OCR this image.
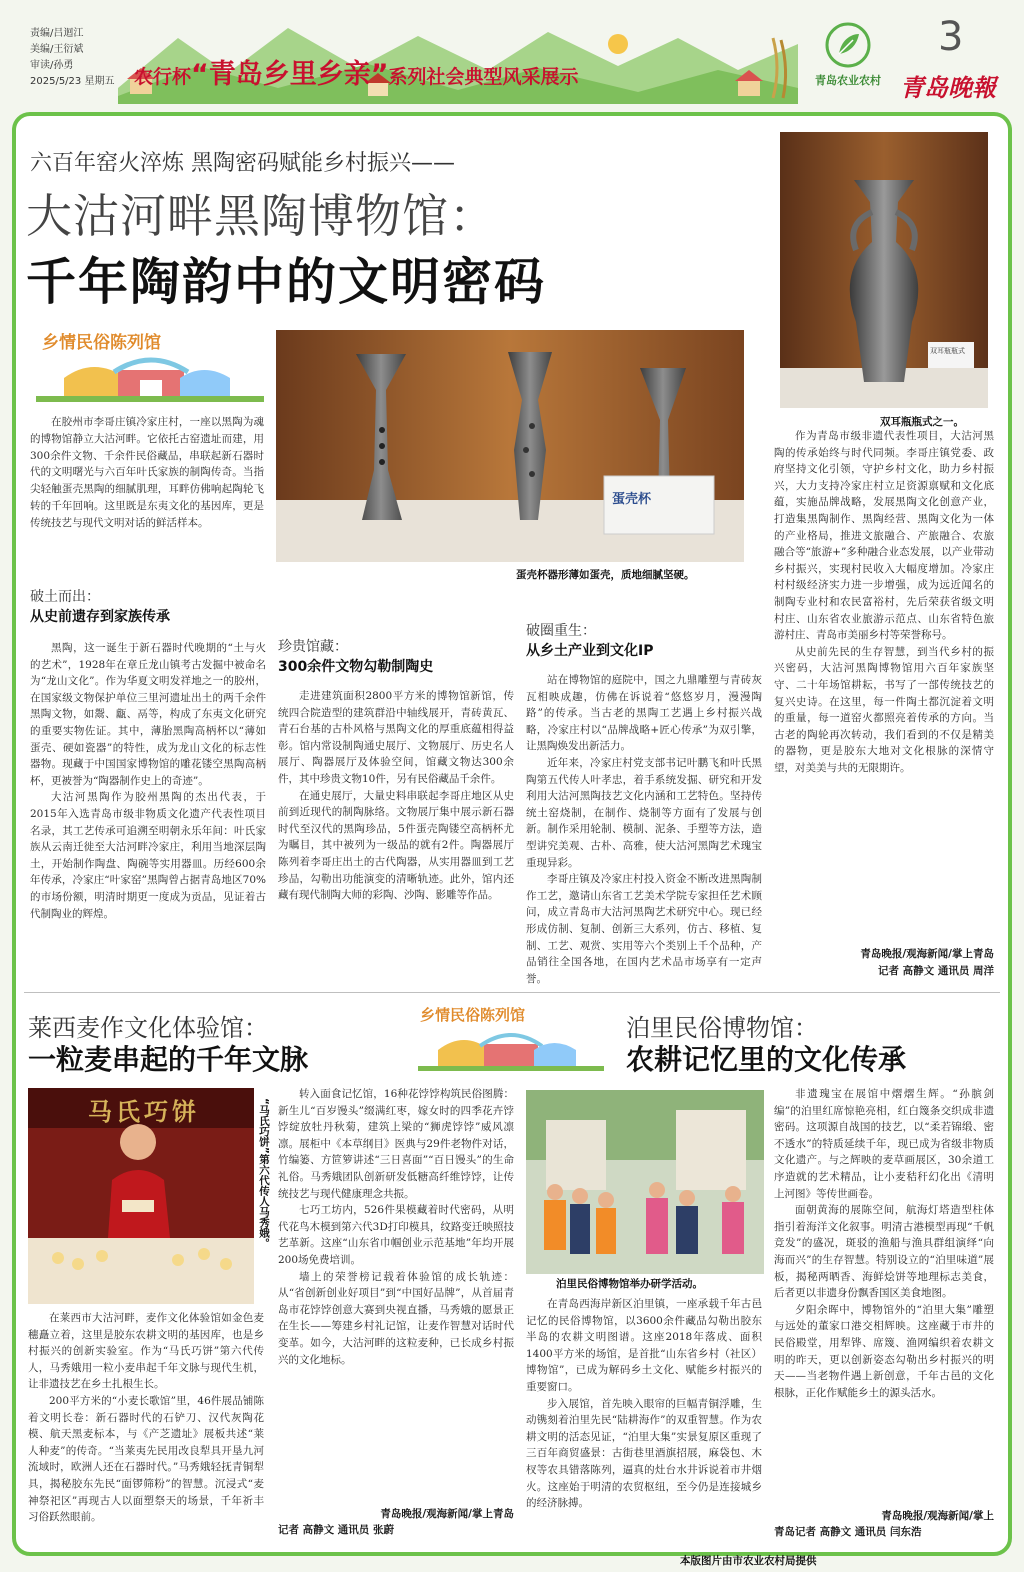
责编/吕迴江
美编/王衍斌
审读/孙勇
2025/5/23 星期五 农行杯“青岛乡里乡亲”系列社会典型风采展示	青岛农业农村
3
青岛晚報
六百年窑火淬炼 黑陶密码赋能乡村振兴——
大沽河畔黑陶博物馆：
千年陶韵中的文明密码
乡情民俗陈列馆
在胶州市李哥庄镇冷家庄村，一座以黑陶为魂的博物馆静立大沽河畔。它依托古窑遗址而建，用300余件文物、千余件民俗藏品，串联起新石器时代的文明曙光与六百年叶氏家族的制陶传奇。当指尖轻触蛋壳黑陶的细腻肌理，耳畔仿佛响起陶轮飞转的千年回响。这里既是东夷文化的基因库，更是传统技艺与现代文明对话的鲜活样本。
蛋壳杯
蛋壳杯器形薄如蛋壳，质地细腻坚硬。
双耳瓶瓶式
双耳瓶瓶式之一。
破土而出：
从史前遗存到家族传承

黑陶，这一诞生于新石器时代晚期的“土与火的艺术”，1928年在章丘龙山镇考古发掘中被命名为“龙山文化”。作为华夏文明发祥地之一的胶州，在国家级文物保护单位三里河遗址出土的两千余件黑陶文物，如鬶、甗、鬲等，构成了东夷文化研究的重要实物佐证。其中，薄胎黑陶高柄杯以“薄如蛋壳、硬如瓷器”的特性，成为龙山文化的标志性器物。现藏于中国国家博物馆的雕花镂空黑陶高柄杯，更被誉为“陶器制作史上的奇迹”。

大沽河黑陶作为胶州黑陶的杰出代表，于2015年入选青岛市级非物质文化遗产代表性项目名录，其工艺传承可追溯至明朝永乐年间：叶氏家族从云南迁徙至大沽河畔冷家庄，利用当地深层陶土，开始制作陶盘、陶碗等实用器皿。历经600余年传承，冷家庄“叶家窑”黑陶曾占据青岛地区70%的市场份额，明清时期更一度成为贡品，见证着古代制陶业的辉煌。

珍贵馆藏：
300余件文物勾勒制陶史

走进建筑面积2800平方米的博物馆新馆，传统四合院造型的建筑群沿中轴线展开，青砖黄瓦、青石台基的古朴风格与黑陶文化的厚重底蕴相得益彰。馆内常设制陶通史展厅、文物展厅、历史名人展厅、陶器展厅及体验空间，馆藏文物达300余件，其中珍贵文物10件，另有民俗藏品千余件。

在通史展厅，大量史料串联起李哥庄地区从史前到近现代的制陶脉络。文物展厅集中展示新石器时代至汉代的黑陶珍品，5件蛋壳陶镂空高柄杯尤为瞩目，其中被列为一级品的就有2件。陶器展厅陈列着李哥庄出土的古代陶器，从实用器皿到工艺珍品，勾勒出功能演变的清晰轨迹。此外，馆内还藏有现代制陶大师的彩陶、沙陶、影雕等作品。

破圈重生：
从乡土产业到文化IP

站在博物馆的庭院中，国之九鼎雕塑与青砖灰瓦相映成趣，仿佛在诉说着“悠悠岁月，漫漫陶路”的传承。当古老的黑陶工艺遇上乡村振兴战略，冷家庄村以“品牌战略+匠心传承”为双引擎，让黑陶焕发出新活力。

近年来，冷家庄村党支部书记叶鹏飞和叶氏黑陶第五代传人叶孝忠，着手系统发掘、研究和开发利用大沽河黑陶技艺文化内涵和工艺特色。坚持传统土窑烧制，在制作、烧制等方面有了发展与创新。制作采用轮制、模制、泥条、手塑等方法，造型讲究美观、古朴、高雅，使大沽河黑陶艺术瑰宝重现异彩。

李哥庄镇及冷家庄村投入资金不断改进黑陶制作工艺，邀请山东省工艺美术学院专家担任艺术顾问，成立青岛市大沽河黑陶艺术研究中心。现已经形成仿制、复制、创新三大系列，仿古、移植、复制、工艺、观赏、实用等六个类别上千个品种，产品销往全国各地，在国内艺术品市场享有一定声誉。

作为青岛市级非遗代表性项目，大沽河黑陶的传承始终与时代同频。李哥庄镇党委、政府坚持文化引领，守护乡村文化，助力乡村振兴，大力支持冷家庄村立足资源禀赋和文化底蕴，实施品牌战略，发展黑陶文化创意产业，打造集黑陶制作、黑陶经营、黑陶文化为一体的产业格局，推进文旅融合、产旅融合、农旅融合等“旅游+”多种融合业态发展，以产业带动乡村振兴，实现村民收入大幅度增加。冷家庄村村级经济实力进一步增强，成为远近闻名的制陶专业村和农民富裕村，先后荣获省级文明村庄、山东省农业旅游示范点、山东省特色旅游村庄、青岛市美丽乡村等荣誉称号。

从史前先民的生存智慧，到当代乡村的振兴密码，大沽河黑陶博物馆用六百年家族坚守、二十年场馆耕耘，书写了一部传统技艺的复兴史诗。在这里，每一件陶土都沉淀着文明的重量，每一道窑火都照亮着传承的方向。当古老的陶轮再次转动，我们看到的不仅是精美的器物，更是胶东大地对文化根脉的深情守望，对美美与共的无限期许。

青岛晚报/观海新闻/掌上青岛
记者 高静文 通讯员 周洋
莱西麦作文化体验馆：
一粒麦串起的千年文脉
乡情民俗陈列馆
马氏巧饼	“马氏巧饼”第六代传人马秀娥。

在莱西市大沽河畔，麦作文化体验馆如金色麦穗矗立着，这里是胶东农耕文明的基因库，也是乡村振兴的创新实验室。作为“马氏巧饼”第六代传人，马秀娥用一粒小麦串起千年文脉与现代生机，让非遗技艺在乡土扎根生长。

200平方米的“小麦长歌馆”里，46件展品铺陈着文明长卷：新石器时代的石铲刀、汉代灰陶花模、航天黑麦标本，与《产芝遗址》展板共述“莱人种麦”的传奇。“当莱夷先民用改良犁具开垦九河流域时，欧洲人还在石器时代。”马秀娥轻抚青铜犁具，揭秘胶东先民“面锣筛粉”的智慧。沉浸式“麦神祭祀区”再现古人以面塑祭天的场景，千年祈丰习俗跃然眼前。

转入面食记忆馆，16种花饽饽构筑民俗图腾：新生儿“百岁馒头”缀满红枣，嫁女时的四季花卉饽饽绽放牡丹秋菊，建筑上梁的“狮虎饽饽”威风凛凛。展柜中《本草纲目》医典与29件老物件对话，竹编篓、方笸箩讲述“三日喜面”“百日馒头”的生命礼俗。马秀娥团队创新研发低糖高纤维饽饽，让传统技艺与现代健康理念共振。

七巧工坊内，526件果模藏着时代密码，从明代花鸟木模到第六代3D打印模具，纹路变迁映照技艺革新。这座“山东省巾帼创业示范基地”年均开展200场免费培训。

墙上的荣誉榜记载着体验馆的成长轨迹：从“省创新创业好项目”到“中国好品牌”，从首届青岛市花饽饽创意大赛到央视直播，马秀娥的愿景正在生长——筹建乡村礼记馆，让麦作智慧对话时代变革。如今，大沽河畔的这粒麦种，已长成乡村振兴的文化地标。

青岛晚报/观海新闻/掌上青岛
记者 高静文 通讯员 张蔚
泊里民俗博物馆：
农耕记忆里的文化传承
泊里民俗博物馆举办研学活动。

在青岛西海岸新区泊里镇，一座承载千年古邑记忆的民俗博物馆，以3600余件藏品勾勒出胶东半岛的农耕文明图谱。这座2018年落成、面积1400平方米的场馆，是首批“山东省乡村（社区）博物馆”，已成为解码乡土文化、赋能乡村振兴的重要窗口。

步入展馆，首先映入眼帘的巨幅青铜浮雕，生动镌刻着泊里先民“陆耕海作”的双重智慧。作为农耕文明的活态见证，“泊里大集”实景复原区重现了三百年商贸盛景：古街巷里酒旗招展，麻袋包、木杈等农具错落陈列，逼真的灶台水井诉说着市井烟火。这座始于明清的农贸枢纽，至今仍是连接城乡的经济脉搏。

非遗瑰宝在展馆中熠熠生辉。“孙膑剑编”的泊里红席惊艳亮相，红白篾条交织成非遗密码。这项源自战国的技艺，以“柔若锦缎、密不透水”的特质延续千年，现已成为省级非物质文化遗产。与之辉映的麦草画展区，30余道工序造就的艺术精品，让小麦秸秆幻化出《清明上河图》等传世画卷。

面朝黄海的展陈空间，航海灯塔造型柱体指引着海洋文化叙事。明清古港模型再现“千帆竞发”的盛况，斑驳的渔船与渔具群组演绎“向海而兴”的生存智慧。特别设立的“泊里味道”展板，揭秘两晒香、海鲜烩饼等地理标志美食，后者更以非遗身份飘香国区美食地图。

夕阳余晖中，博物馆外的“泊里大集”雕塑与远处的董家口港交相辉映。这座藏于市井的民俗殿堂，用犁铧、席篾、渔网编织着农耕文明的昨天，更以创新姿态勾勒出乡村振兴的明天——当老物件遇上新创意，千年古邑的文化根脉，正化作赋能乡土的源头活水。

青岛晚报/观海新闻/掌上
青岛记者 高静文 通讯员 闫东浩
本版图片由市农业农村局提供
